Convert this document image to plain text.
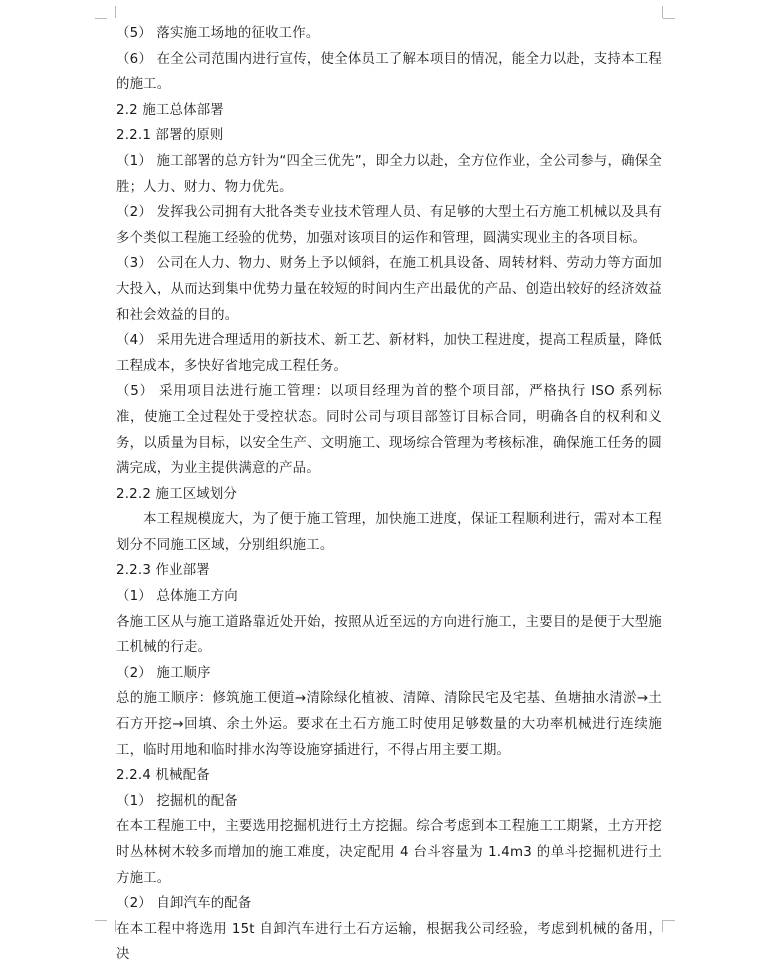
（5） 落实施工场地的征收工作。

（6） 在全公司范围内进行宣传，使全体员工了解本项目的情况，能全力以赴，支持本工程的施工。

2.2 施工总体部署

2.2.1 部署的原则

（1） 施工部署的总方针为“四全三优先”，即全力以赴，全方位作业，全公司参与，确保全胜；人力、财力、物力优先。

（2） 发挥我公司拥有大批各类专业技术管理人员、有足够的大型土石方施工机械以及具有多个类似工程施工经验的优势，加强对该项目的运作和管理，圆满实现业主的各项目标。

（3） 公司在人力、物力、财务上予以倾斜，在施工机具设备、周转材料、劳动力等方面加大投入，从而达到集中优势力量在较短的时间内生产出最优的产品、创造出较好的经济效益和社会效益的目的。

（4） 采用先进合理适用的新技术、新工艺、新材料，加快工程进度，提高工程质量，降低工程成本，多快好省地完成工程任务。

（5） 采用项目法进行施工管理：以项目经理为首的整个项目部，严格执行 ISO 系列标准，使施工全过程处于受控状态。同时公司与项目部签订目标合同，明确各自的权利和义务，以质量为目标，以安全生产、文明施工、现场综合管理为考核标准，确保施工任务的圆满完成，为业主提供满意的产品。

2.2.2 施工区域划分

本工程规模庞大，为了便于施工管理，加快施工进度，保证工程顺利进行，需对本工程划分不同施工区域，分别组织施工。

2.2.3 作业部署

（1） 总体施工方向

各施工区从与施工道路靠近处开始，按照从近至远的方向进行施工，主要目的是便于大型施工机械的行走。

（2） 施工顺序

总的施工顺序：修筑施工便道→清除绿化植被、清障、清除民宅及宅基、鱼塘抽水清淤→土石方开挖→回填、余土外运。要求在土石方施工时使用足够数量的大功率机械进行连续施工，临时用地和临时排水沟等设施穿插进行，不得占用主要工期。

2.2.4 机械配备

（1） 挖掘机的配备

在本工程施工中，主要选用挖掘机进行土方挖掘。综合考虑到本工程施工工期紧，土方开挖时丛林树木较多而增加的施工难度，决定配用 4 台斗容量为 1.4m3 的单斗挖掘机进行土方施工。

（2） 自卸汽车的配备

在本工程中将选用 15t 自卸汽车进行土石方运输，根据我公司经验，考虑到机械的备用，决
